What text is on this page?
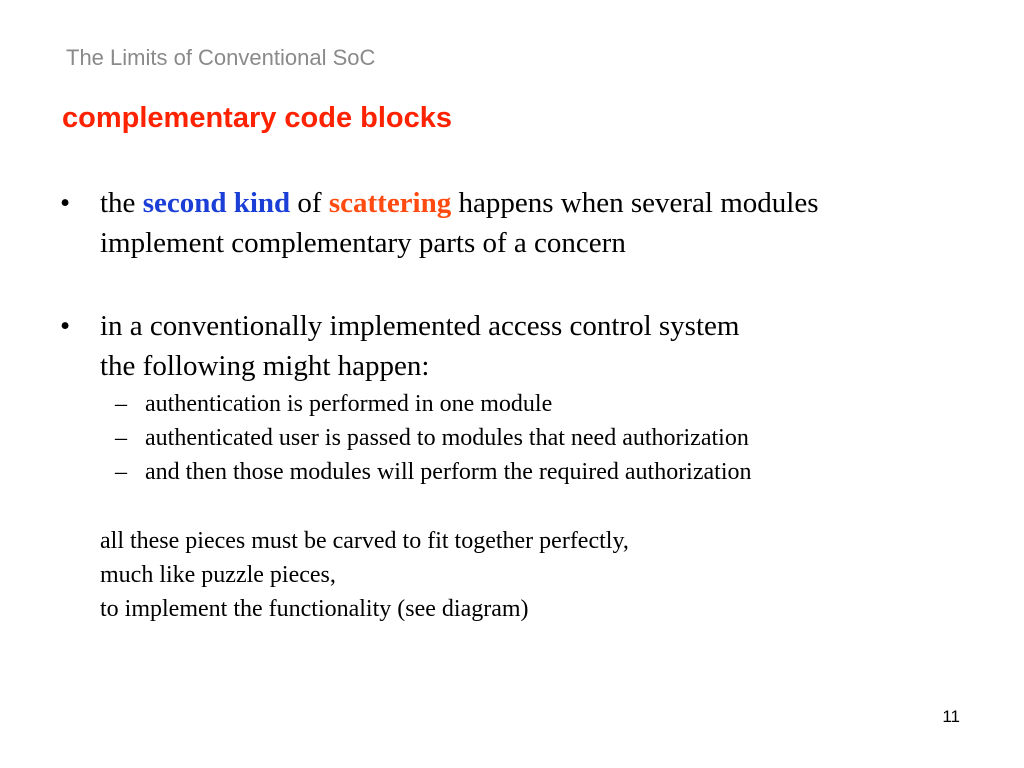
The Limits of Conventional SoC
complementary code blocks
• the second kind of scattering happens when several modules
implement complementary parts of a concern
• in a conventionally implemented access control system
the following might happen:
– authentication is performed in one module
– authenticated user is passed to modules that need authorization
– and then those modules will perform the required authorization
all these pieces must be carved to fit together perfectly,
much like puzzle pieces,
to implement the functionality (see diagram)
11
